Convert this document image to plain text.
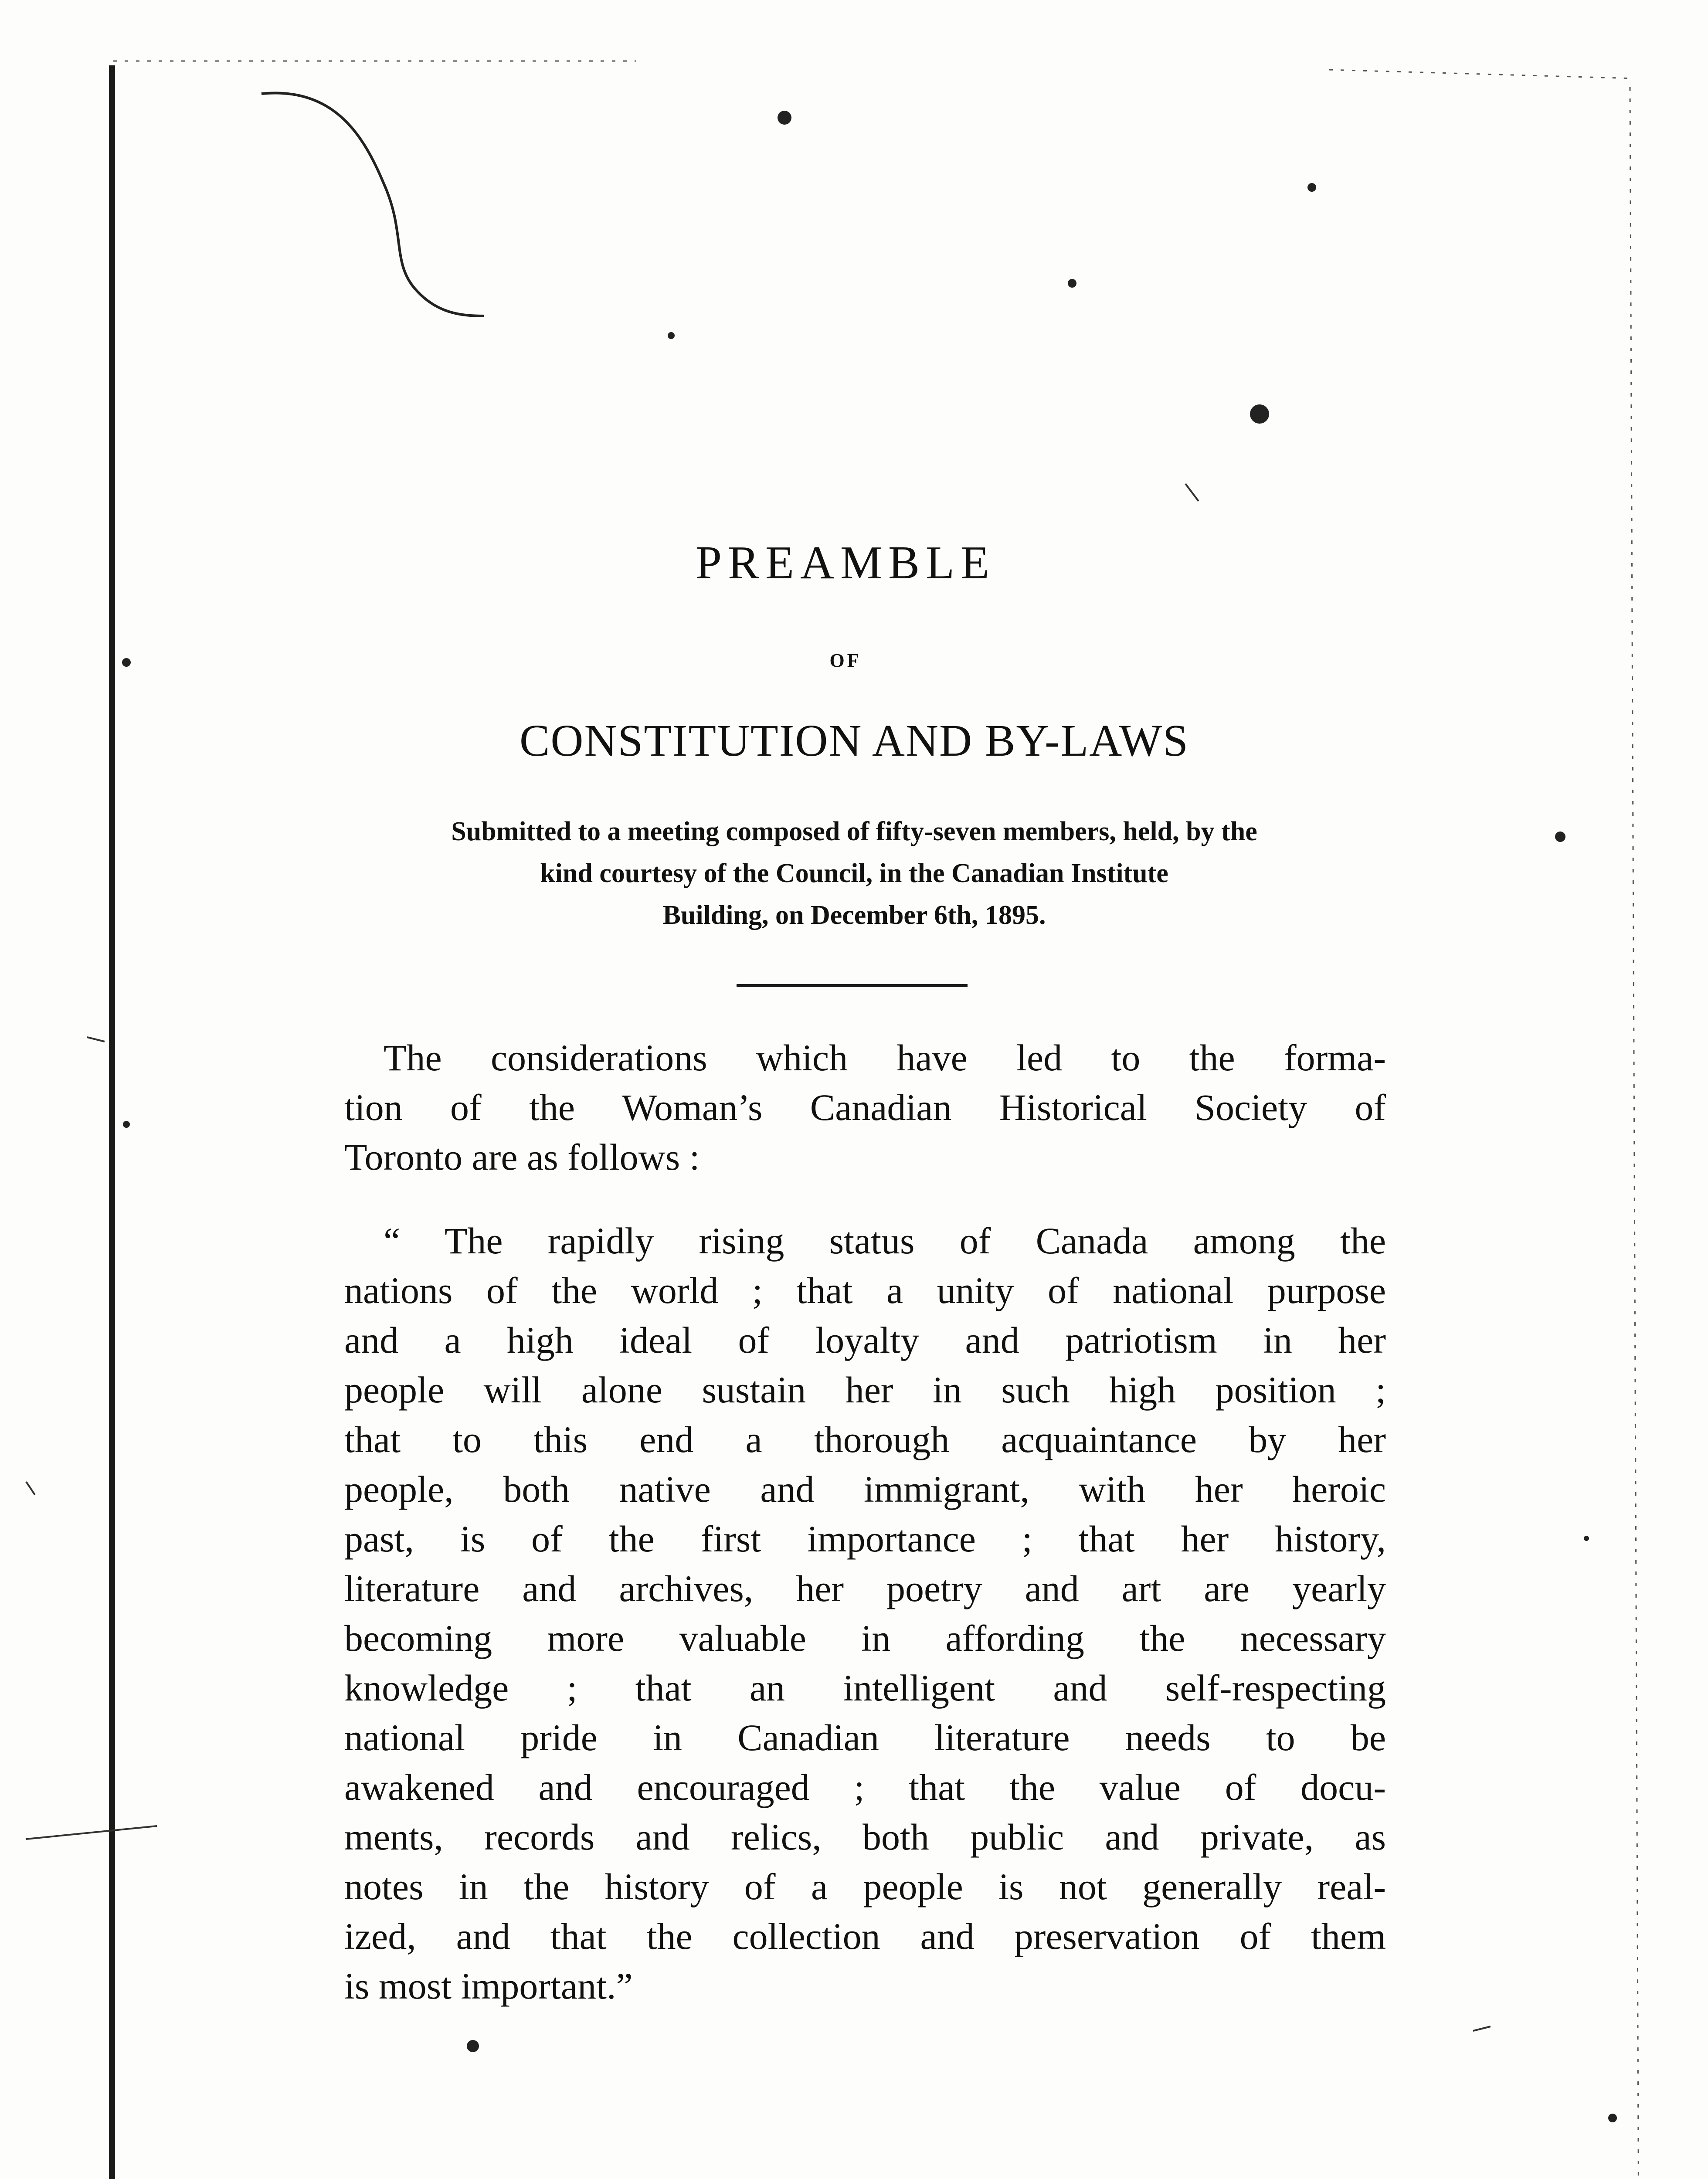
PREAMBLE
OF
CONSTITUTION AND BY-LAWS
Submitted to a meeting composed of fifty-seven members, held, by the
kind courtesy of the Council, in the Canadian Institute
Building, on December 6th, 1895.
The considerations which have led to the forma-
tion of the Woman’s Canadian Historical Society of
Toronto are as follows :
“ The rapidly rising status of Canada among the
nations of the world ; that a unity of national purpose
and a high ideal of loyalty and patriotism in her
people will alone sustain her in such high position ;
that to this end a thorough acquaintance by her
people, both native and immigrant, with her heroic
past, is of the first importance ; that her history,
literature and archives, her poetry and art are yearly
becoming more valuable in affording the necessary
knowledge ; that an intelligent and self-respecting
national pride in Canadian literature needs to be
awakened and encouraged ; that the value of docu-
ments, records and relics, both public and private, as
notes in the history of a people is not generally real-
ized, and that the collection and preservation of them
is most important.”
